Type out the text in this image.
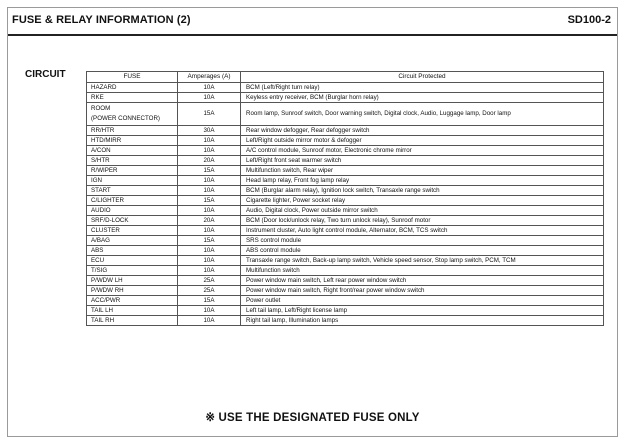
FUSE & RELAY INFORMATION (2)	SD100-2
CIRCUIT	FUSE	Amperages (A)	Circuit Protected
HAZARD	10A	BCM (Left/Right turn relay)
RKE	10A	Keyless entry receiver, BCM (Burglar horn relay)
ROOM
(POWER CONNECTOR)	15A	Room lamp, Sunroof switch, Door warning switch, Digital clock, Audio, Luggage lamp, Door lamp
RR/HTR	30A	Rear window defogger, Rear defogger switch
HTD/MIRR	10A	Left/Right outside mirror motor & defogger
A/CON	10A	A/C control module, Sunroof motor, Electronic chrome mirror
S/HTR	20A	Left/Right front seat warmer switch
R/WIPER	15A	Multifunction switch, Rear wiper
IGN	10A	Head lamp relay, Front fog lamp relay
START	10A	BCM (Burglar alarm relay), Ignition lock switch, Transaxle range switch
C/LIGHTER	15A	Cigarette lighter, Power socket relay
AUDIO	10A	Audio, Digital clock, Power outside mirror switch
SRF/D-LOCK	20A	BCM (Door lock/unlock relay, Two turn unlock relay), Sunroof motor
CLUSTER	10A	Instrument cluster, Auto light control module, Alternator, BCM, TCS switch
A/BAG	15A	SRS control module
ABS	10A	ABS control module
ECU	10A	Transaxle range switch, Back-up lamp switch, Vehicle speed sensor, Stop lamp switch, PCM, TCM
T/SIG	10A	Multifunction switch
P/WDW LH	25A	Power window main switch, Left rear power window switch
P/WDW RH	25A	Power window main switch, Right front/rear power window switch
ACC/PWR	15A	Power outlet
TAIL LH	10A	Left tail lamp, Left/Right license lamp
TAIL RH	10A	Right tail lamp, Illumination lamps
※ USE THE DESIGNATED FUSE ONLY
